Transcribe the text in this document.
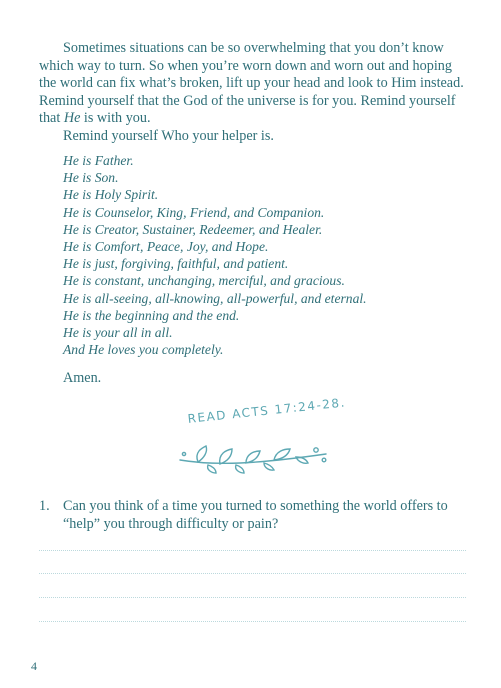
Sometimes situations can be so overwhelming that you don’t know which way to turn. So when you’re worn down and worn out and hoping the world can fix what’s broken, lift up your head and look to Him instead. Remind yourself that the God of the universe is for you. Remind yourself that He is with you.

Remind yourself Who your helper is.

He is Father.
He is Son.
He is Holy Spirit.
He is Counselor, King, Friend, and Companion.
He is Creator, Sustainer, Redeemer, and Healer.
He is Comfort, Peace, Joy, and Hope.
He is just, forgiving, faithful, and patient.
He is constant, unchanging, merciful, and gracious.
He is all-seeing, all-knowing, all-powerful, and eternal.
He is the beginning and the end.
He is your all in all.
And He loves you completely.
Amen.
READ ACTS 17:24-28.
1. Can you think of a time you turned to something the world offers to “help” you through difficulty or pain?
4
